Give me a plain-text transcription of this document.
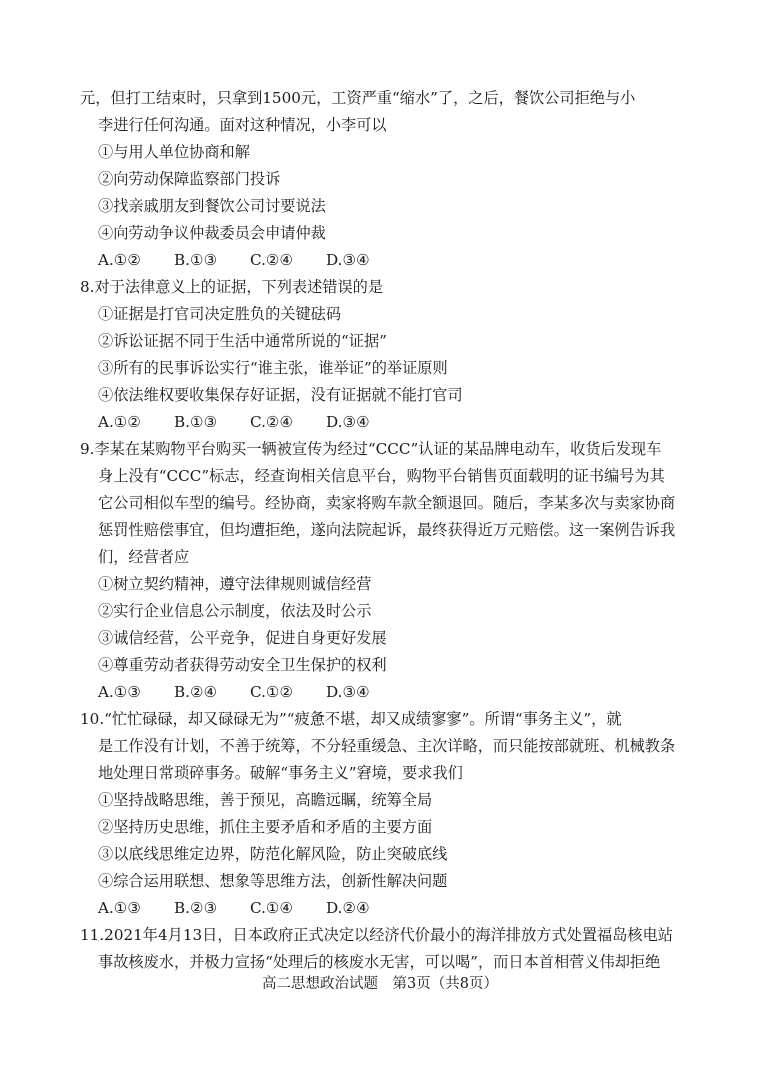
元，但打工结束时，只拿到1500元，工资严重“缩水”了，之后，餐饮公司拒绝与小
李进行任何沟通。面对这种情况，小李可以
①与用人单位协商和解
②向劳动保障监察部门投诉
③找亲戚朋友到餐饮公司讨要说法
④向劳动争议仲裁委员会申请仲裁
A.①② B.①③ C.②④ D.③④
8.对于法律意义上的证据，下列表述错误的是
①证据是打官司决定胜负的关键砝码
②诉讼证据不同于生活中通常所说的“证据”
③所有的民事诉讼实行“谁主张，谁举证”的举证原则
④依法维权要收集保存好证据，没有证据就不能打官司
A.①② B.①③ C.②④ D.③④
9.李某在某购物平台购买一辆被宣传为经过“CCC”认证的某品牌电动车，收货后发现车
身上没有“CCC”标志，经查询相关信息平台，购物平台销售页面载明的证书编号为其
它公司相似车型的编号。经协商，卖家将购车款全额退回。随后，李某多次与卖家协商
惩罚性赔偿事宜，但均遭拒绝，遂向法院起诉，最终获得近万元赔偿。这一案例告诉我
们，经营者应
①树立契约精神，遵守法律规则诚信经营
②实行企业信息公示制度，依法及时公示
③诚信经营，公平竞争，促进自身更好发展
④尊重劳动者获得劳动安全卫生保护的权利
A.①③ B.②④ C.①② D.③④
10.“忙忙碌碌，却又碌碌无为”“疲惫不堪，却又成绩寥寥”。所谓“事务主义”，就
是工作没有计划，不善于统筹，不分轻重缓急、主次详略，而只能按部就班、机械教条
地处理日常琐碎事务。破解“事务主义”窘境，要求我们
①坚持战略思维，善于预见，高瞻远瞩，统筹全局
②坚持历史思维，抓住主要矛盾和矛盾的主要方面
③以底线思维定边界，防范化解风险，防止突破底线
④综合运用联想、想象等思维方法，创新性解决问题
A.①③ B.②③ C.①④ D.②④
11.2021年4月13日，日本政府正式决定以经济代价最小的海洋排放方式处置福岛核电站
事故核废水，并极力宣扬“处理后的核废水无害，可以喝”，而日本首相菅义伟却拒绝
高二思想政治试题　第3页（共8页）
